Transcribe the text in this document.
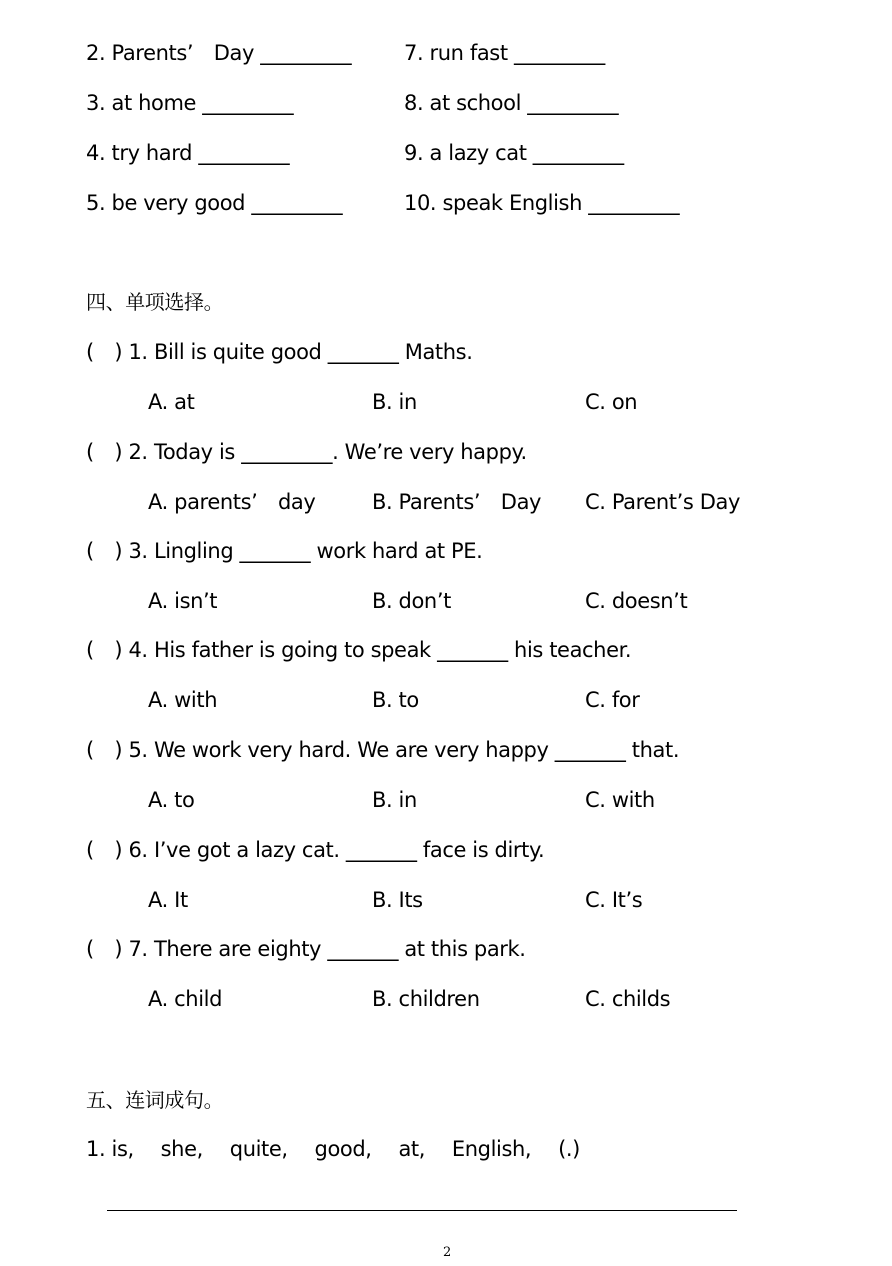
2. Parents’　Day _________	7. run fast _________
3. at home _________	8. at school _________
4. try hard _________	9. a lazy cat _________
5. be very good _________	10. speak English _________
四、单项选择。
(　) 1. Bill is quite good _______ Maths.
A. at	B. in	C. on
(　) 2. Today is _________. We’re very happy.
A. parents’　day	B. Parents’　Day C. Parent’s Day
(　) 3. Lingling _______ work hard at PE.
A. isn’t	B. don’t	C. doesn’t
(　) 4. His father is going to speak _______ his teacher.
A. with	B. to	C. for
(　) 5. We work very hard. We are very happy _______ that.
A. to	B. in	C. with
(　) 6. I’ve got a lazy cat. _______ face is dirty.
A. It	B. Its	C. It’s
(　) 7. There are eighty _______ at this park.
A. child	B. children	C. childs
五、连词成句。
1. is,　 she,　 quite,　 good,　 at,　 English,　 (.)
2
